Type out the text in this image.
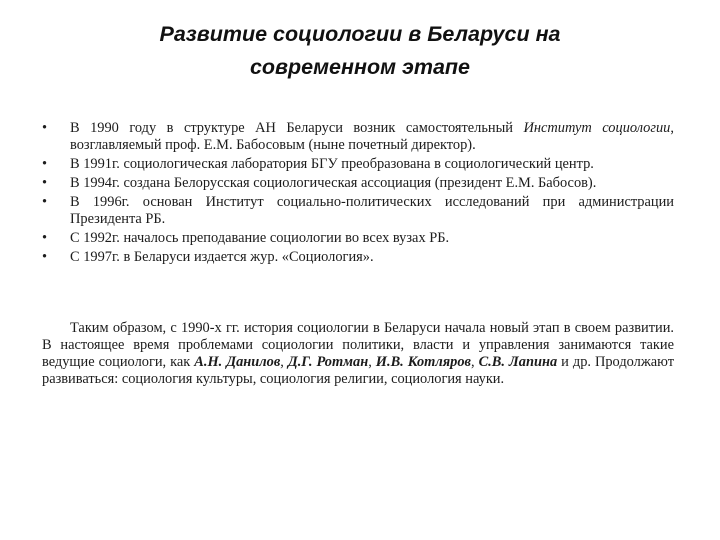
Развитие социологии в Беларуси на
современном этапе
•	В 1990 году в структуре АН Беларуси возник самостоятельный Институт социологии, возглавляемый проф. Е.М. Бабосовым (ныне почетный директор).
•	В 1991г. социологическая лаборатория БГУ преобразована в социологический центр.
•	В 1994г. создана Белорусская социологическая ассоциация (президент Е.М. Бабосов).
•	В 1996г. основан Институт социально-политических исследований при администрации Президента РБ.
•	С 1992г. началось преподавание социологии во всех вузах РБ.
•	С 1997г. в Беларуси издается жур. «Социология».

Таким образом, с 1990-х гг. история социологии в Беларуси начала новый этап в своем развитии. В настоящее время проблемами социологии политики, власти и управления занимаются такие ведущие социологи, как А.Н. Данилов, Д.Г. Ротман, И.В. Котляров, С.В. Лапина и др. Продолжают развиваться: социология культуры, социология религии, социология науки.
